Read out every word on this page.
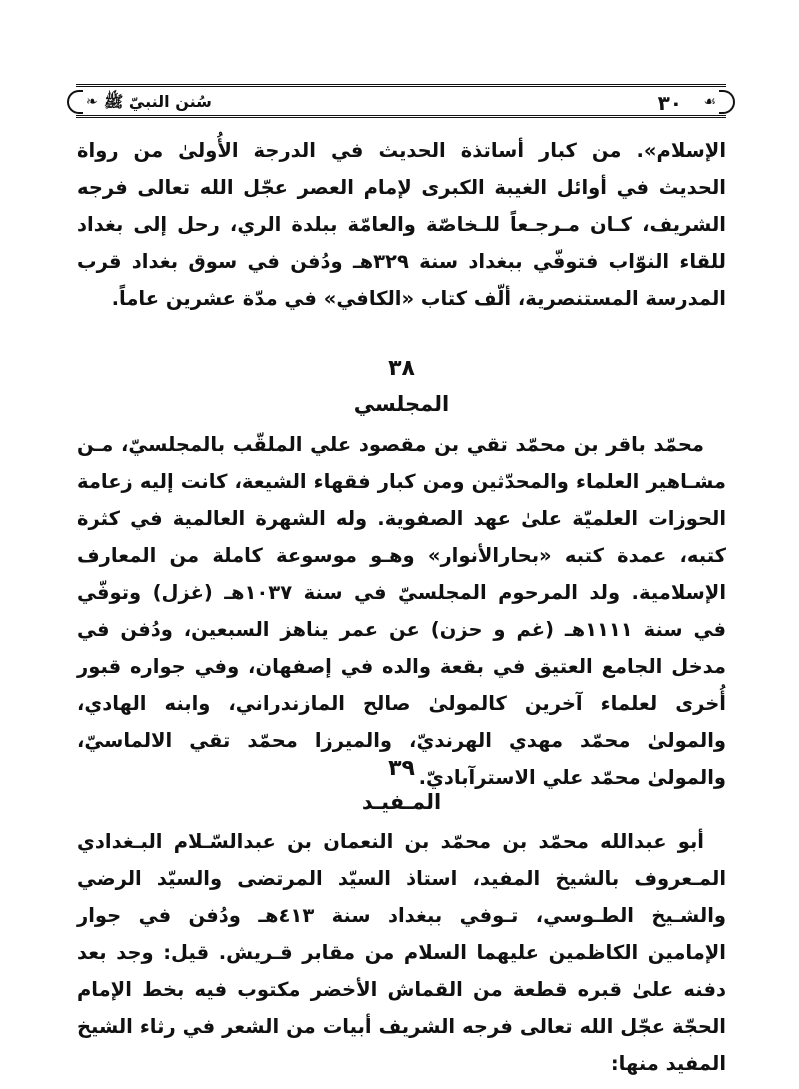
❧	☙
٣٠
سُنن النبيّ ﷺ

الإسلام». من كبار أساتذة الحديث في الدرجة الأُولىٰ من رواة الحديث في أوائل الغيبة الكبرى لإمام العصر عجّل الله تعالى فرجه الشريف، كـان مـرجـعاً للـخاصّة والعامّة ببلدة الري، رحل إلى بغداد للقاء النوّاب فتوفّي ببغداد سنة ٣٢٩هـ ودُفن في سوق بغداد قرب المدرسة المستنصرية، ألّف كتاب «الكافي» في مدّة عشرين عاماً.

٣٨
المجلسي

محمّد باقر بن محمّد تقي بن مقصود علي الملقّب بالمجلسيّ، مـن مشـاهير العلماء والمحدّثين ومن كبار فقهاء الشيعة، كانت إليه زعامة الحوزات العلميّة علىٰ عهد الصفوية. وله الشهرة العالمية في كثرة كتبه، عمدة كتبه «بحارالأنوار» وهـو موسوعة كاملة من المعارف الإسلامية. ولد المرحوم المجلسيّ في سنة ١٠٣٧هـ (غزل) وتوفّي في سنة ١١١١هـ (غم و حزن) عن عمر يناهز السبعين، ودُفن في مدخل الجامع العتيق في بقعة والده في إصفهان، وفي جواره قبور أُخرى لعلماء آخرين كالمولىٰ صالح المازندراني، وابنه الهادي، والمولىٰ محمّد مهدي الهرنديّ، والميرزا محمّد تقي الالماسيّ، والمولىٰ محمّد علي الاسترآباديّ.

٣٩
المـفيـد

أبو عبدالله محمّد بن محمّد بن النعمان بن عبدالسّـلام البـغدادي المـعروف بالشيخ المفيد، استاذ السيّد المرتضى والسيّد الرضي والشـيخ الطـوسي، تـوفي ببغداد سنة ٤١٣هـ ودُفن في جوار الإمامين الكاظمين عليهما السلام من مقابر قـريش. قيل: وجد بعد دفنه علىٰ قبره قطعة من القماش الأخضر مكتوب فيه بخط الإمام الحجّة عجّل الله تعالى فرجه الشريف أبيات من الشعر في رثاء الشيخ المفيد منها:
